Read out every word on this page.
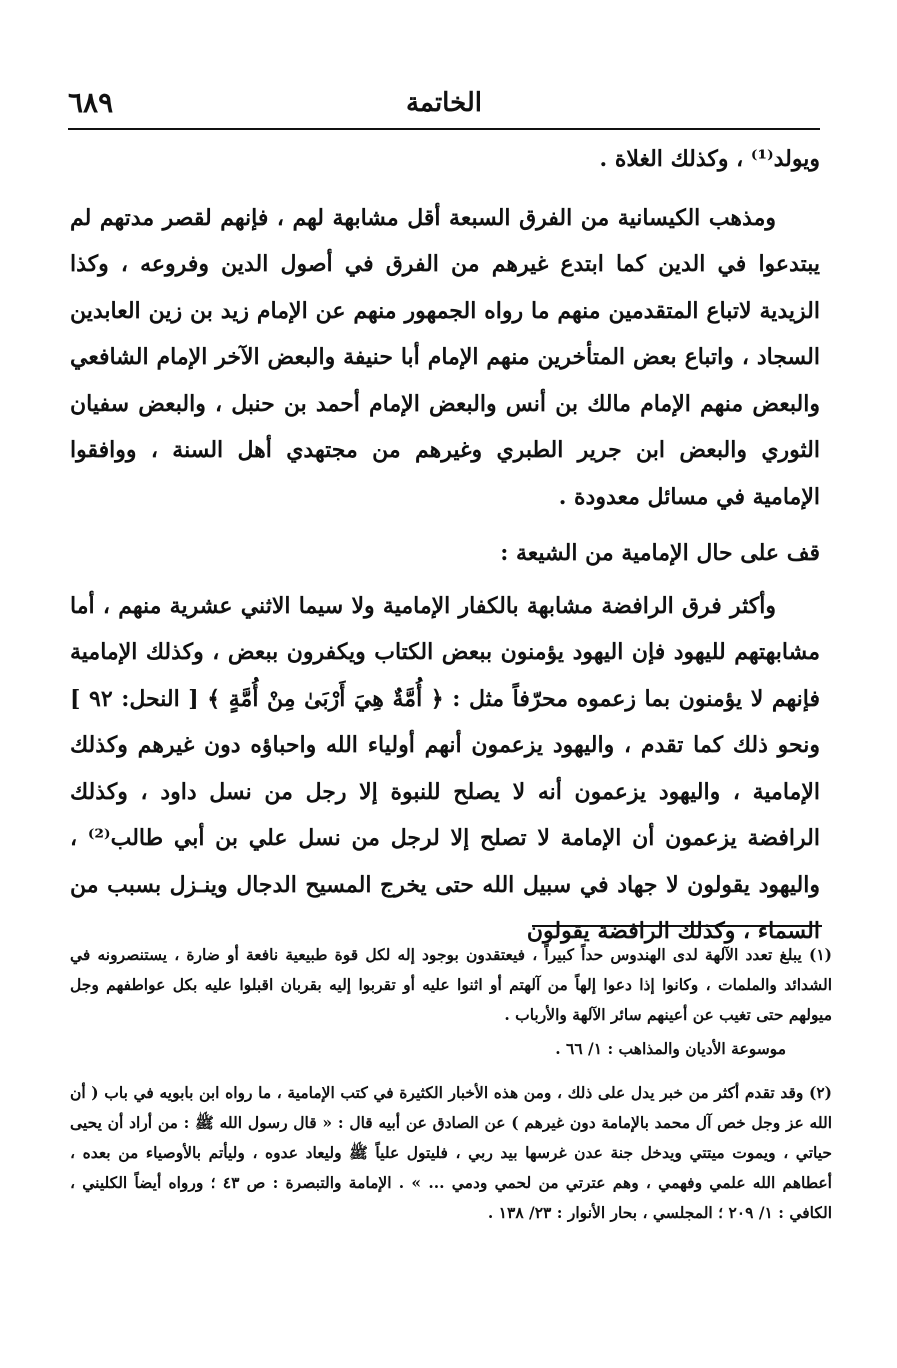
الخاتمة
٦٨٩

ويولد⁽¹⁾ ، وكذلك الغلاة .

ومذهب الكيسانية من الفرق السبعة أقل مشابهة لهم ، فإنهم لقصر مدتهم لم يبتدعوا في الدين كما ابتدع غيرهم من الفرق في أصول الدين وفروعه ، وكذا الزيدية لاتباع المتقدمين منهم ما رواه الجمهور منهم عن الإمام زيد بن زين العابدين السجاد ، واتباع بعض المتأخرين منهم الإمام أبا حنيفة والبعض الآخر الإمام الشافعي والبعض منهم الإمام مالك بن أنس والبعض الإمام أحمد بن حنبل ، والبعض سفيان الثوري والبعض ابن جرير الطبري وغيرهم من مجتهدي أهل السنة ، ووافقوا الإمامية في مسائل معدودة .

قف على حال الإمامية من الشيعة :

وأكثر فرق الرافضة مشابهة بالكفار الإمامية ولا سيما الاثني عشرية منهم ، أما مشابهتهم لليهود فإن اليهود يؤمنون ببعض الكتاب ويكفرون ببعض ، وكذلك الإمامية فإنهم لا يؤمنون بما زعموه محرّفاً مثل : ﴿ أُمَّةٌ هِيَ أَرْبَىٰ مِنْ أُمَّةٍ ﴾ [ النحل: ٩٢ ] ونحو ذلك كما تقدم ، واليهود يزعمون أنهم أولياء الله واحباؤه دون غيرهم وكذلك الإمامية ، واليهود يزعمون أنه لا يصلح للنبوة إلا رجل من نسل داود ، وكذلك الرافضة يزعمون أن الإمامة لا تصلح إلا لرجل من نسل علي بن أبي طالب⁽²⁾ ، واليهود يقولون لا جهاد في سبيل الله حتى يخرج المسيح الدجال وينـزل بسبب من السماء ، وكذلك الرافضة يقولون

(١) يبلغ تعدد الآلهة لدى الهندوس حداً كبيراً ، فيعتقدون بوجود إله لكل قوة طبيعية نافعة أو ضارة ، يستنصرونه في الشدائد والملمات ، وكانوا إذا دعوا إلهاً من آلهتم أو اثنوا عليه أو تقربوا إليه بقربان اقبلوا عليه بكل عواطفهم وجل ميولهم حتى تغيب عن أعينهم سائر الآلهة والأرباب .

موسوعة الأديان والمذاهب : ١/ ٦٦ .

(٢) وقد تقدم أكثر من خبر يدل على ذلك ، ومن هذه الأخبار الكثيرة في كتب الإمامية ، ما رواه ابن بابويه في باب ( أن الله عز وجل خص آل محمد بالإمامة دون غيرهم ) عن الصادق عن أبيه قال : « قال رسول الله ﷺ : من أراد أن يحيى حياتي ، ويموت ميتتي ويدخل جنة عدن غرسها بيد ربي ، فليتول علياً ﷺ وليعاد عدوه ، وليأتم بالأوصياء من بعده ، أعطاهم الله علمي وفهمي ، وهم عترتي من لحمي ودمي ... » . الإمامة والتبصرة : ص ٤٣ ؛ ورواه أيضاً الكليني ، الكافي : ١/ ٢٠٩ ؛ المجلسي ، بحار الأنوار : ٢٣/ ١٣٨ .
